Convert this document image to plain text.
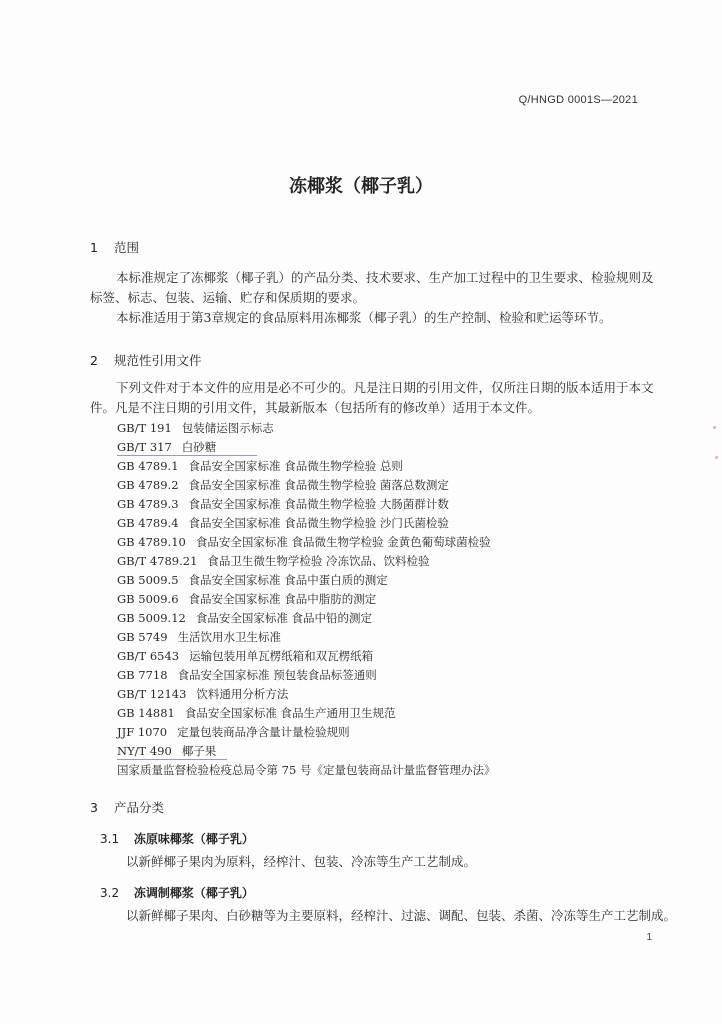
Q/HNGD 0001S—2021
冻椰浆（椰子乳）
1 范围
本标准规定了冻椰浆（椰子乳）的产品分类、技术要求、生产加工过程中的卫生要求、检验规则及
标签、标志、包装、运输、贮存和保质期的要求。
本标准适用于第3章规定的食品原料用冻椰浆（椰子乳）的生产控制、检验和贮运等环节。
2 规范性引用文件
下列文件对于本文件的应用是必不可少的。凡是注日期的引用文件，仅所注日期的版本适用于本文
件。凡是不注日期的引用文件，其最新版本（包括所有的修改单）适用于本文件。
GB/T 191 包装储运图示标志
GB/T 317 白砂糖
GB 4789.1 食品安全国家标准 食品微生物学检验 总则
GB 4789.2 食品安全国家标准 食品微生物学检验 菌落总数测定
GB 4789.3 食品安全国家标准 食品微生物学检验 大肠菌群计数
GB 4789.4 食品安全国家标准 食品微生物学检验 沙门氏菌检验
GB 4789.10 食品安全国家标准 食品微生物学检验 金黄色葡萄球菌检验
GB/T 4789.21 食品卫生微生物学检验 冷冻饮品、饮料检验
GB 5009.5 食品安全国家标准 食品中蛋白质的测定
GB 5009.6 食品安全国家标准 食品中脂肪的测定
GB 5009.12 食品安全国家标准 食品中铅的测定
GB 5749 生活饮用水卫生标准
GB/T 6543 运输包装用单瓦楞纸箱和双瓦楞纸箱
GB 7718 食品安全国家标准 预包装食品标签通则
GB/T 12143 饮料通用分析方法
GB 14881 食品安全国家标准 食品生产通用卫生规范
JJF 1070 定量包装商品净含量计量检验规则
NY/T 490 椰子果
国家质量监督检验检疫总局令第 75 号《定量包装商品计量监督管理办法》
3 产品分类
3.1 冻原味椰浆（椰子乳）
以新鲜椰子果肉为原料，经榨汁、包装、冷冻等生产工艺制成。
3.2 冻调制椰浆（椰子乳）
以新鲜椰子果肉、白砂糖等为主要原料，经榨汁、过滤、调配、包装、杀菌、冷冻等生产工艺制成。
1
